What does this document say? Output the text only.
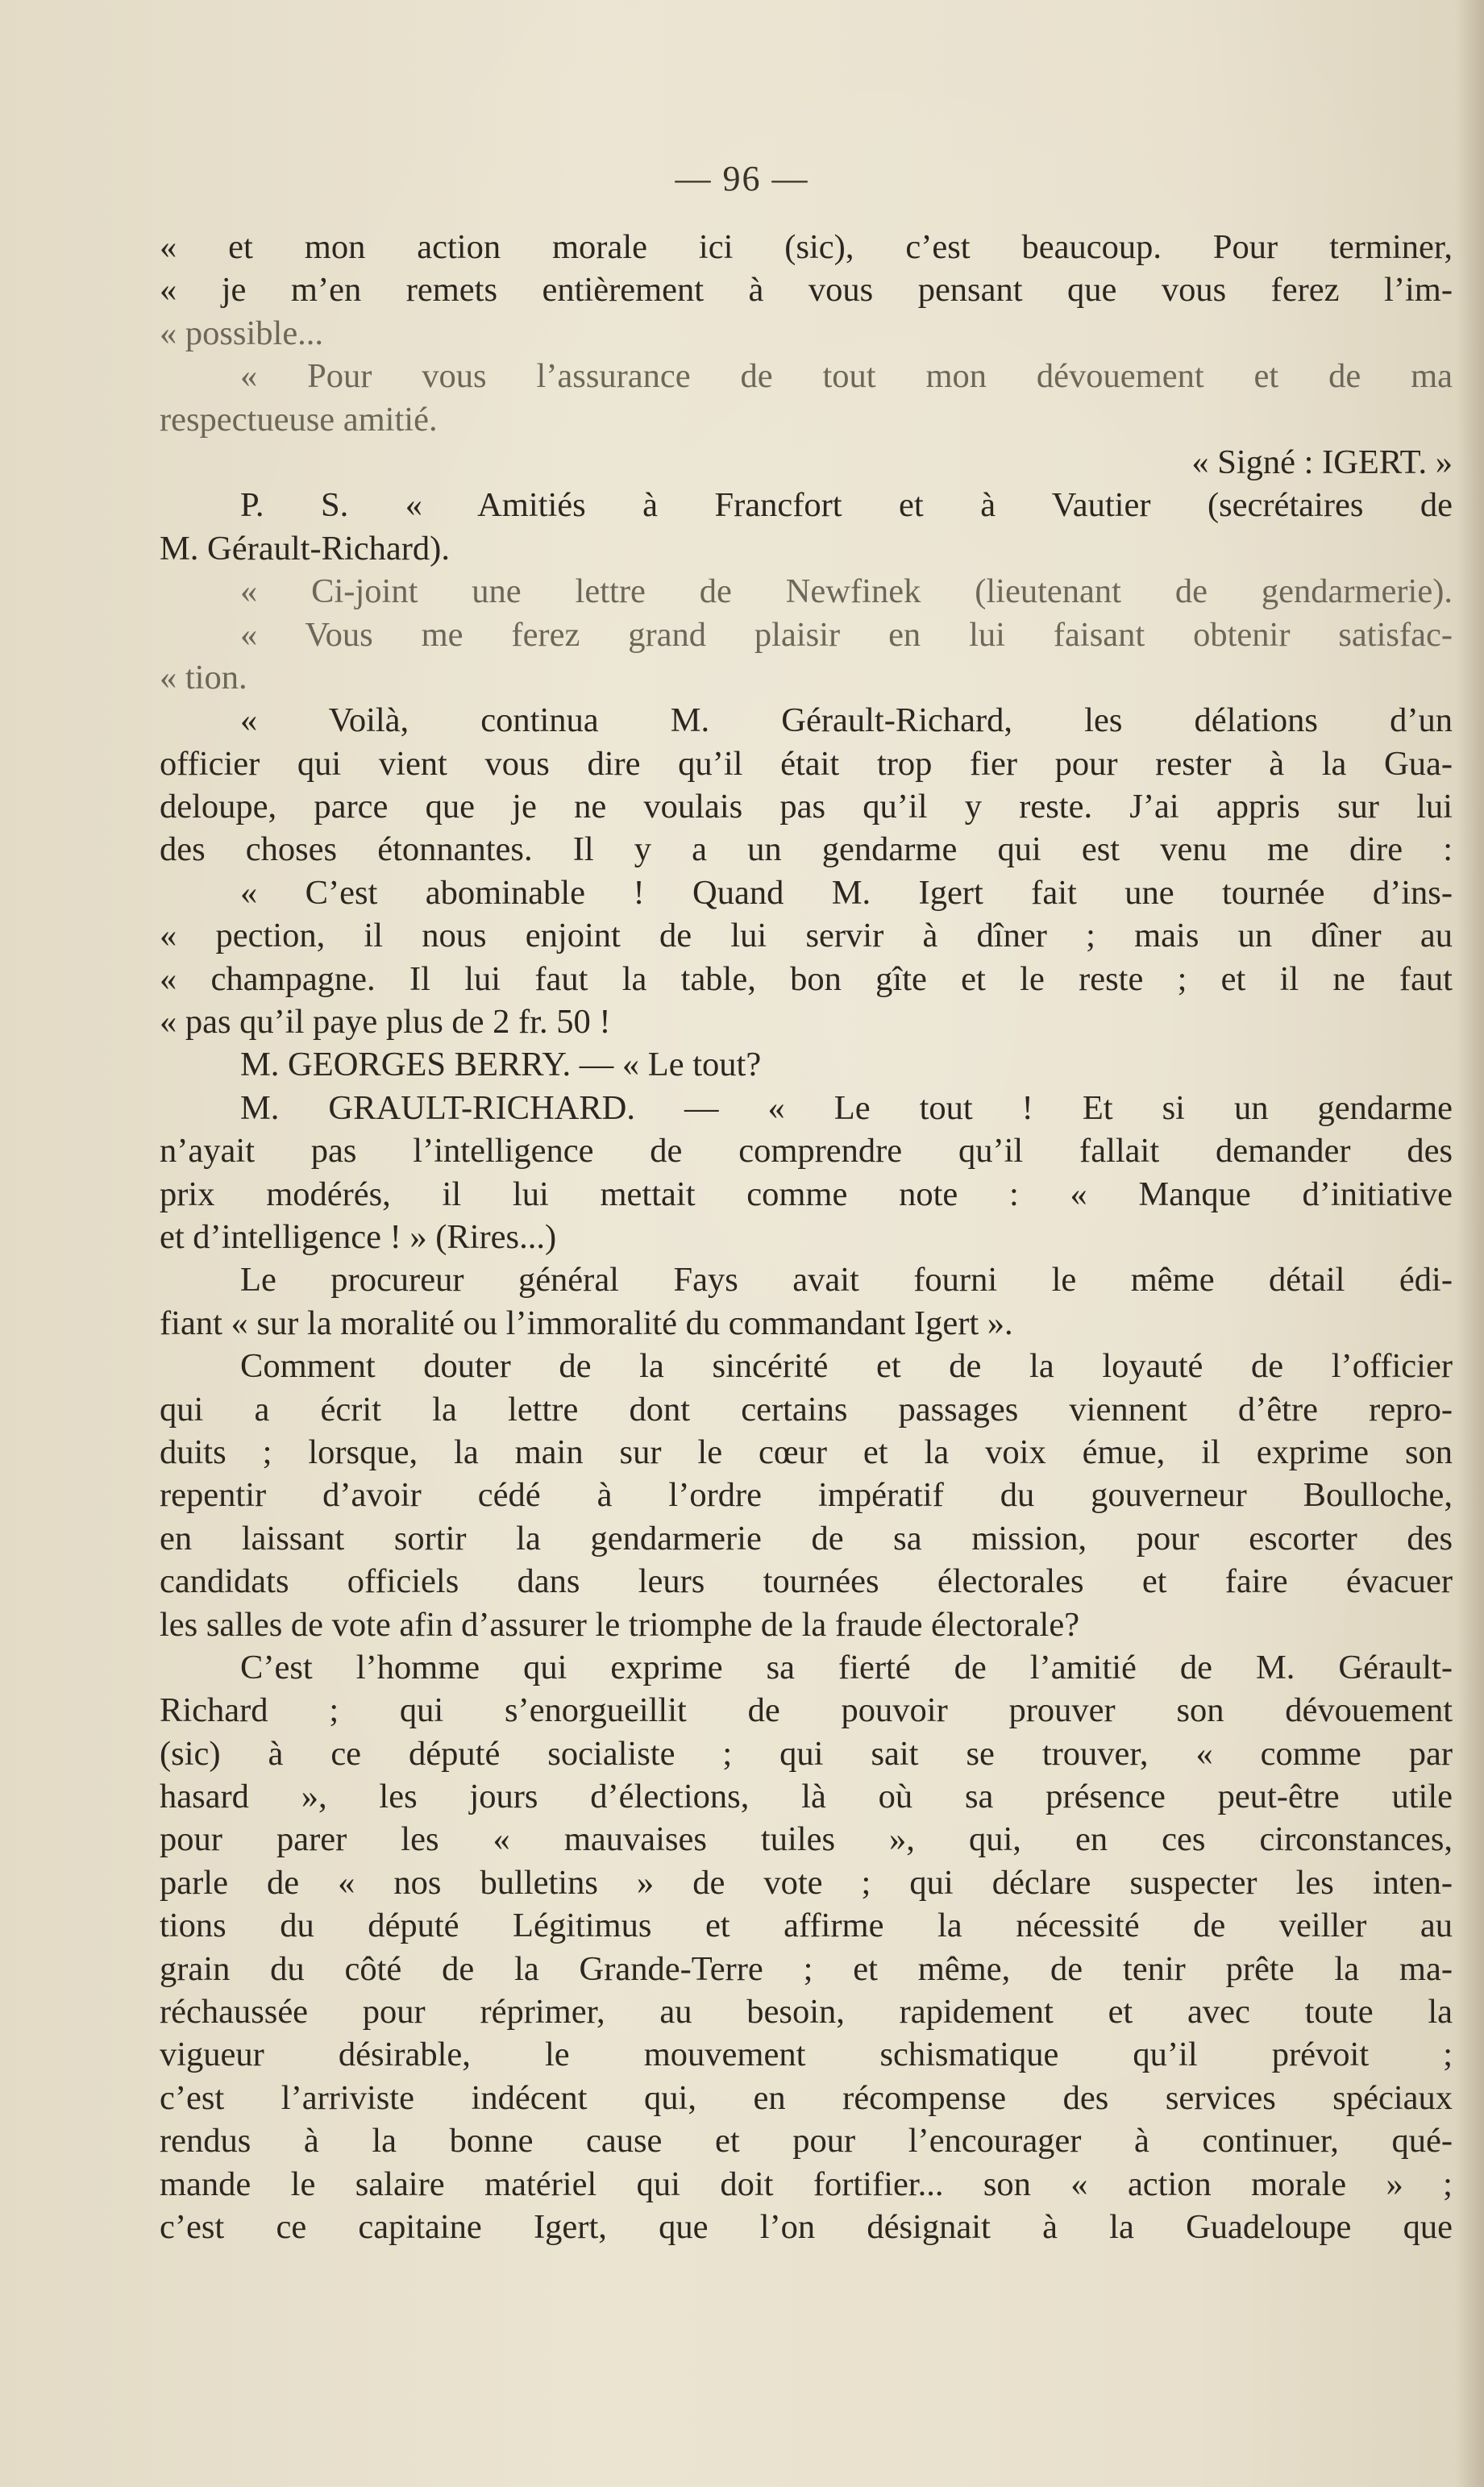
— 96 —
« et mon action morale ici (sic), c’est beaucoup. Pour terminer,
« je m’en remets entièrement à vous pensant que vous ferez l’im-
« possible...
« Pour vous l’assurance de tout mon dévouement et de ma
respectueuse amitié.
« Signé : IGERT. »
P. S. « Amitiés à Francfort et à Vautier (secrétaires de
M. Gérault-Richard).
« Ci-joint une lettre de Newfinek (lieutenant de gendarmerie).
« Vous me ferez grand plaisir en lui faisant obtenir satisfac-
« tion.
« Voilà, continua M. Gérault-Richard, les délations d’un
officier qui vient vous dire qu’il était trop fier pour rester à la Gua-
deloupe, parce que je ne voulais pas qu’il y reste. J’ai appris sur lui
des choses étonnantes. Il y a un gendarme qui est venu me dire :
« C’est abominable ! Quand M. Igert fait une tournée d’ins-
« pection, il nous enjoint de lui servir à dîner ; mais un dîner au
« champagne. Il lui faut la table, bon gîte et le reste ; et il ne faut
« pas qu’il paye plus de 2 fr. 50 !
M. GEORGES BERRY. — « Le tout?
M. GRAULT-RICHARD. — « Le tout ! Et si un gendarme
n’ayait pas l’intelligence de comprendre qu’il fallait demander des
prix modérés, il lui mettait comme note : « Manque d’initiative
et d’intelligence ! » (Rires...)
Le procureur général Fays avait fourni le même détail édi-
fiant « sur la moralité ou l’immoralité du commandant Igert ».
Comment douter de la sincérité et de la loyauté de l’officier
qui a écrit la lettre dont certains passages viennent d’être repro-
duits ; lorsque, la main sur le cœur et la voix émue, il exprime son
repentir d’avoir cédé à l’ordre impératif du gouverneur Boulloche,
en laissant sortir la gendarmerie de sa mission, pour escorter des
candidats officiels dans leurs tournées électorales et faire évacuer
les salles de vote afin d’assurer le triomphe de la fraude électorale?
C’est l’homme qui exprime sa fierté de l’amitié de M. Gérault-
Richard ; qui s’enorgueillit de pouvoir prouver son dévouement
(sic) à ce député socialiste ; qui sait se trouver, « comme par
hasard », les jours d’élections, là où sa présence peut-être utile
pour parer les « mauvaises tuiles », qui, en ces circonstances,
parle de « nos bulletins » de vote ; qui déclare suspecter les inten-
tions du député Légitimus et affirme la nécessité de veiller au
grain du côté de la Grande-Terre ; et même, de tenir prête la ma-
réchaussée pour réprimer, au besoin, rapidement et avec toute la
vigueur désirable, le mouvement schismatique qu’il prévoit ;
c’est l’arriviste indécent qui, en récompense des services spéciaux
rendus à la bonne cause et pour l’encourager à continuer, qué-
mande le salaire matériel qui doit fortifier... son « action morale » ;
c’est ce capitaine Igert, que l’on désignait à la Guadeloupe que
